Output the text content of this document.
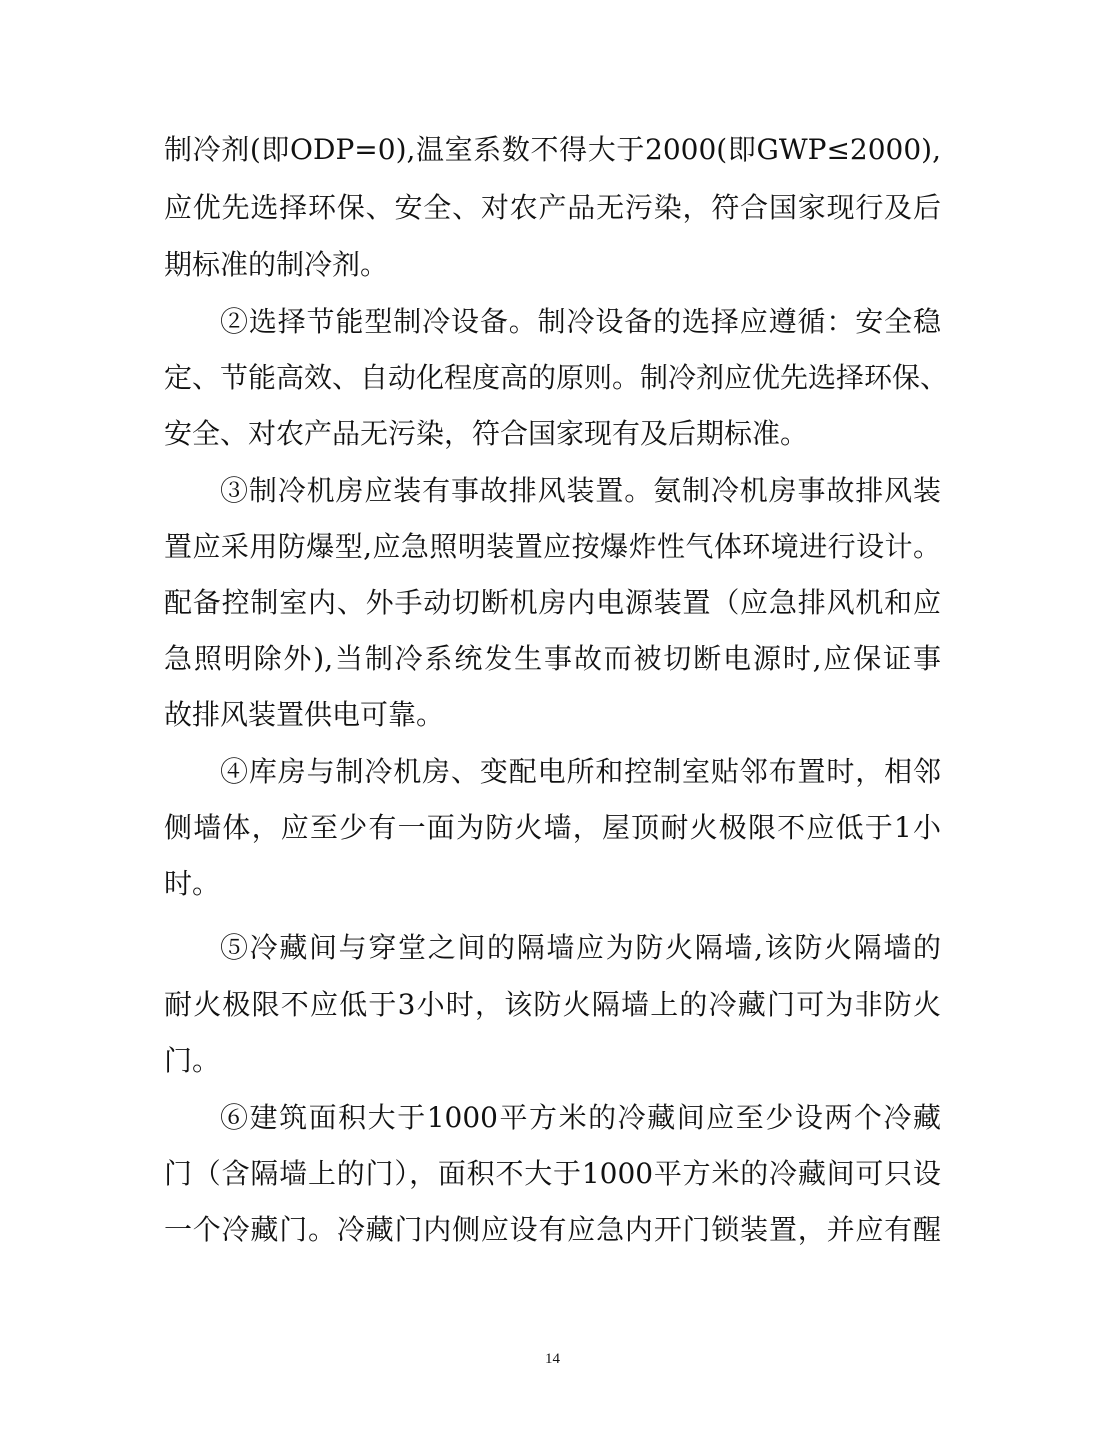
制冷剂(即ODP=0),温室系数不得大于2000(即GWP≤2000),
应优先选择环保、安全、对农产品无污染，符合国家现行及后
期标准的制冷剂。
②选择节能型制冷设备。制冷设备的选择应遵循：安全稳
定、节能高效、自动化程度高的原则。制冷剂应优先选择环保、
安全、对农产品无污染，符合国家现有及后期标准。
③制冷机房应装有事故排风装置。氨制冷机房事故排风装
置应采用防爆型,应急照明装置应按爆炸性气体环境进行设计。
配备控制室内、外手动切断机房内电源装置（应急排风机和应
急照明除外),当制冷系统发生事故而被切断电源时,应保证事
故排风装置供电可靠。
④库房与制冷机房、变配电所和控制室贴邻布置时，相邻
侧墙体，应至少有一面为防火墙，屋顶耐火极限不应低于1小
时。
⑤冷藏间与穿堂之间的隔墙应为防火隔墙,该防火隔墙的
耐火极限不应低于3小时，该防火隔墙上的冷藏门可为非防火
门。
⑥建筑面积大于1000平方米的冷藏间应至少设两个冷藏
门（含隔墙上的门），面积不大于1000平方米的冷藏间可只设
一个冷藏门。冷藏门内侧应设有应急内开门锁装置，并应有醒
14
